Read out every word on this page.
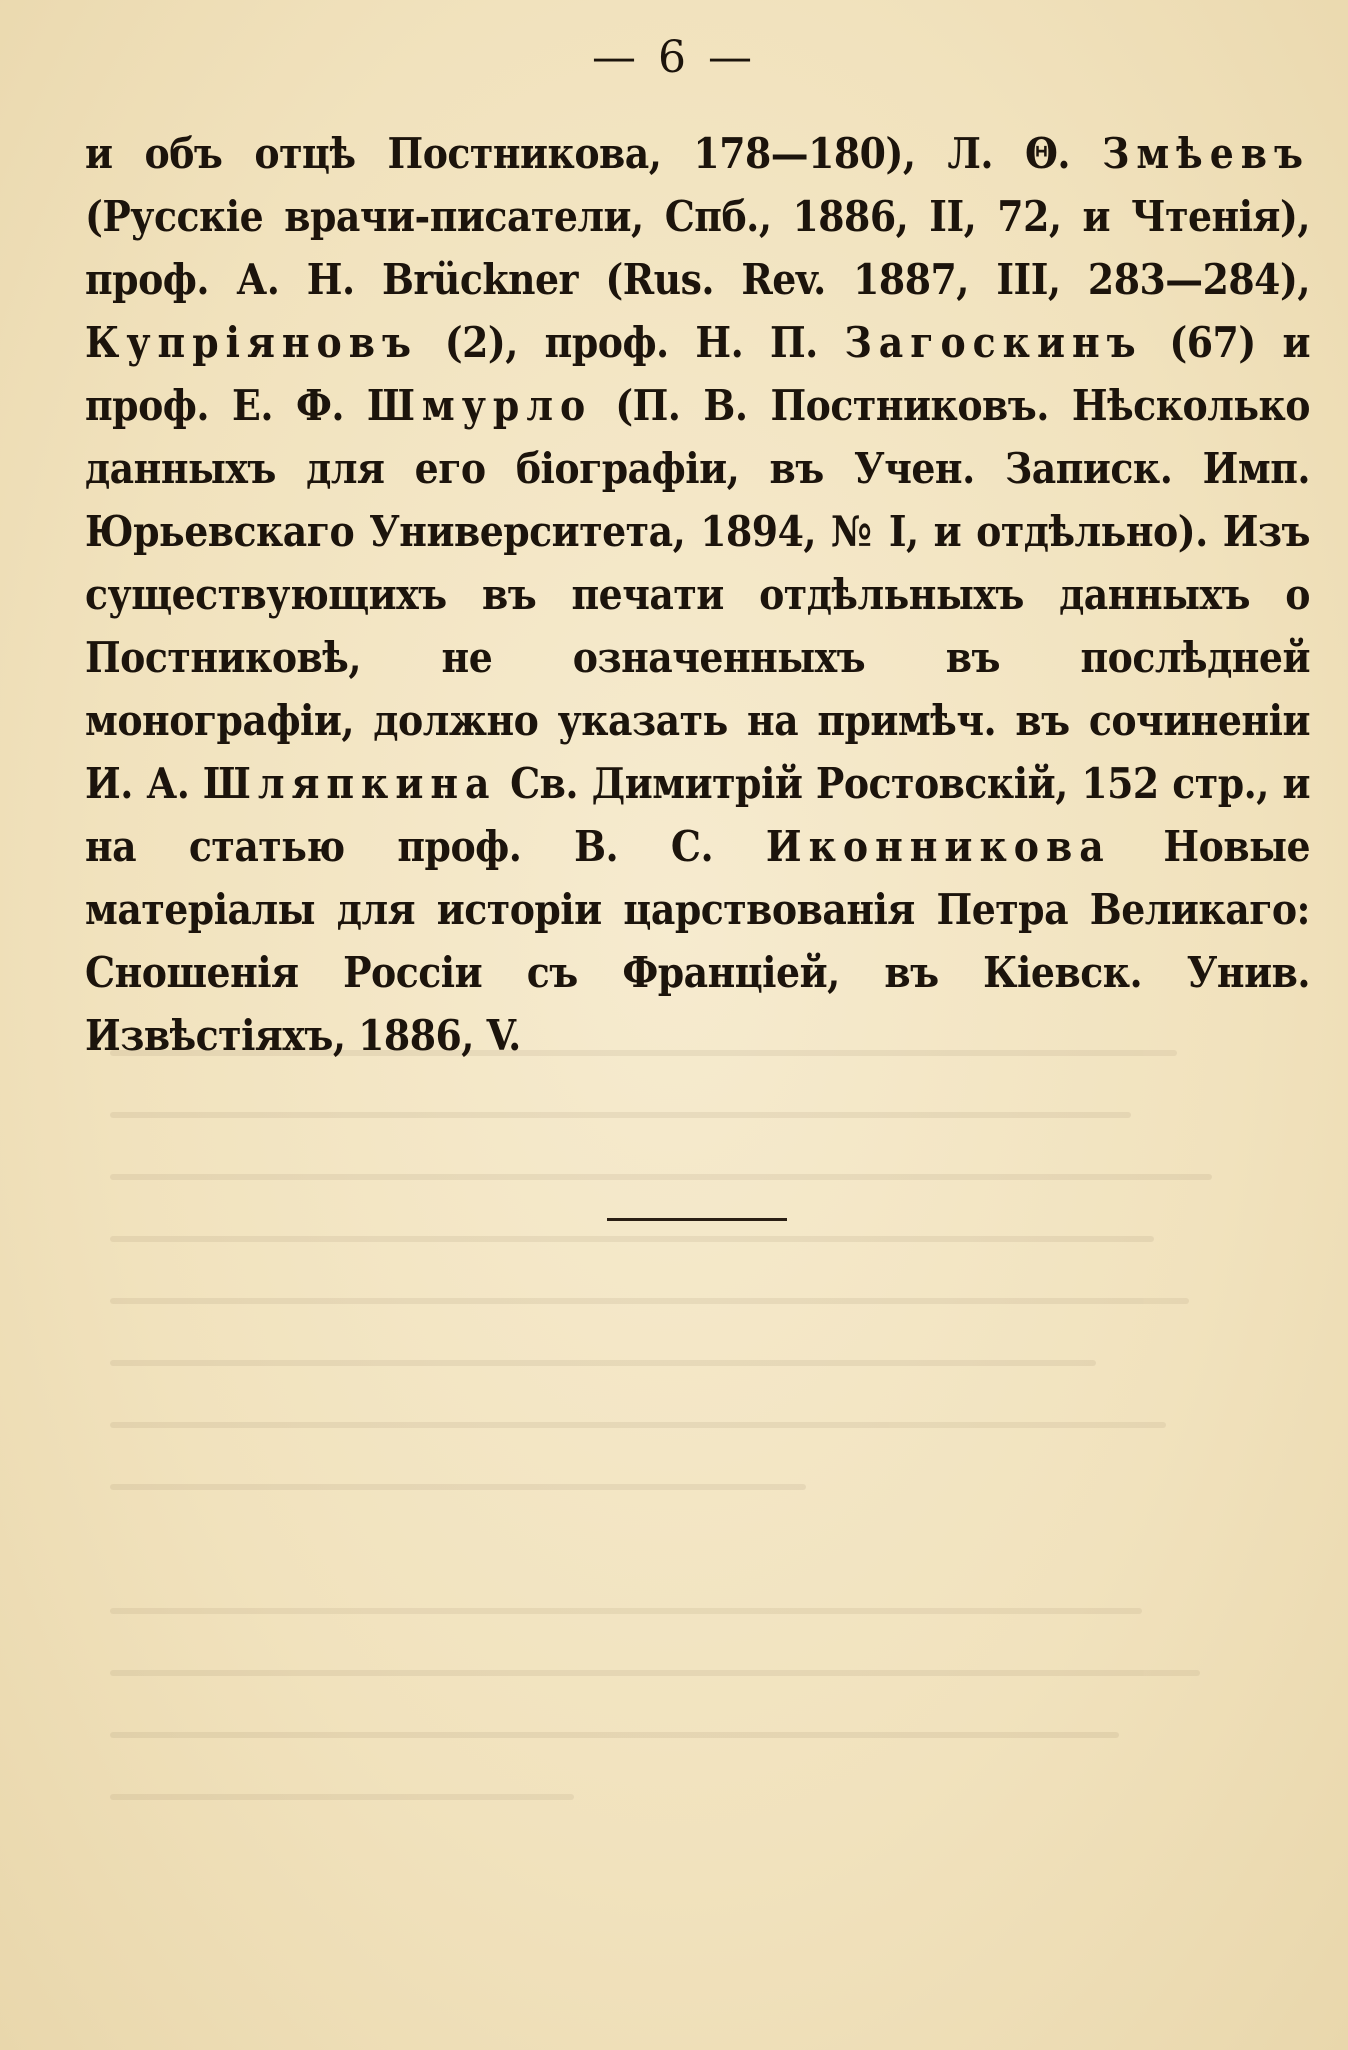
— 6 —

и объ отцѣ Постникова, 178—180), Л. Θ. Змѣевъ (Русскіе врачи-писатели, Спб., 1886, II, 72, и Чтенія), проф. А. Н. Brückner (Rus. Rev. 1887, III, 283—284), Купріяновъ (2), проф. Н. П. Загоскинъ (67) и проф. Е. Ф. Шмурло (П. В. Постниковъ. Нѣсколько данныхъ для его біографіи, въ Учен. Записк. Имп. Юрьевскаго Университета, 1894, № I, и отдѣльно). Изъ существующихъ въ печати отдѣльныхъ данныхъ о Постниковѣ, не означенныхъ въ послѣдней монографіи, должно указать на примѣч. въ сочиненіи И. А. Шляпкина Св. Димитрій Ростовскій, 152 стр., и на статью проф. В. С. Иконникова Новые матеріалы для исторіи царствованія Петра Великаго: Сношенія Россіи съ Франціей, въ Кіевск. Унив. Извѣстіяхъ, 1886, V.
